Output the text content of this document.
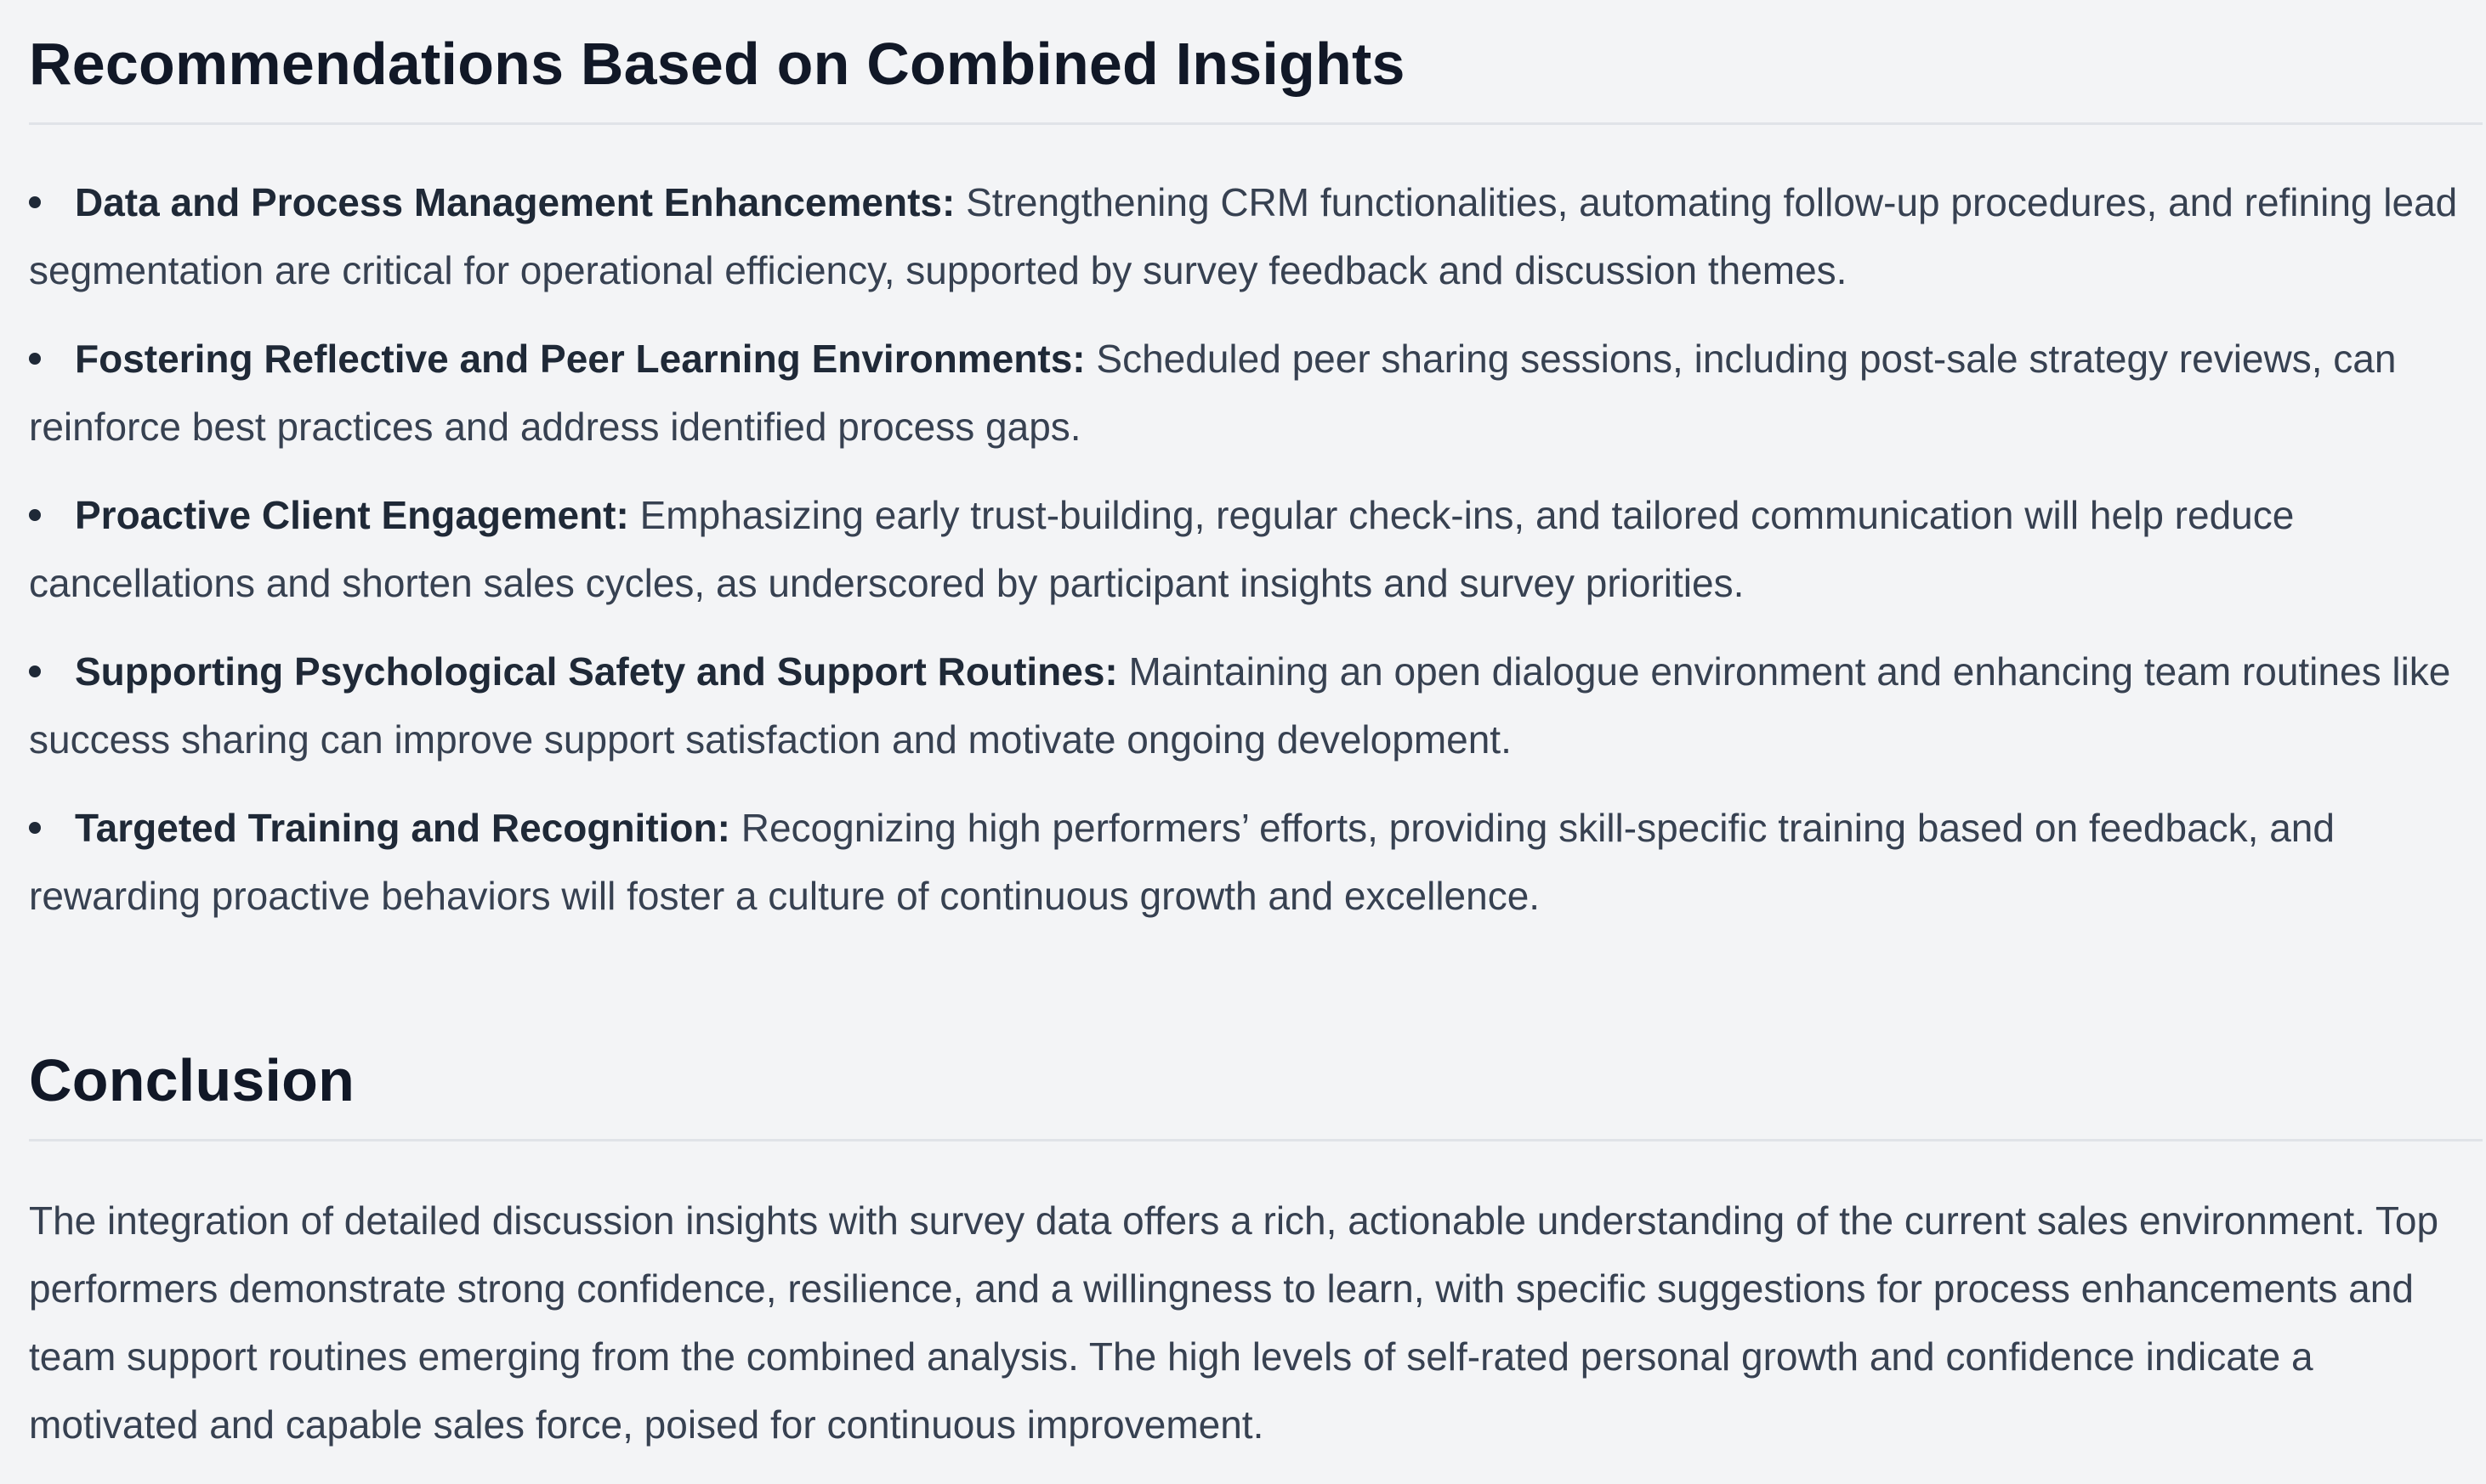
Recommendations Based on Combined Insights
Data and Process Management Enhancements: Strengthening CRM functionalities, automating follow-up procedures, and refining lead segmentation are critical for operational efficiency, supported by survey feedback and discussion themes.
Fostering Reflective and Peer Learning Environments: Scheduled peer sharing sessions, including post-sale strategy reviews, can reinforce best practices and address identified process gaps.
Proactive Client Engagement: Emphasizing early trust-building, regular check-ins, and tailored communication will help reduce cancellations and shorten sales cycles, as underscored by participant insights and survey priorities.
Supporting Psychological Safety and Support Routines: Maintaining an open dialogue environment and enhancing team routines like success sharing can improve support satisfaction and motivate ongoing development.
Targeted Training and Recognition: Recognizing high performers’ efforts, providing skill-specific training based on feedback, and rewarding proactive behaviors will foster a culture of continuous growth and excellence.
Conclusion

The integration of detailed discussion insights with survey data offers a rich, actionable understanding of the current sales environment. Top performers demonstrate strong confidence, resilience, and a willingness to learn, with specific suggestions for process enhancements and team support routines emerging from the combined analysis. The high levels of self-rated personal growth and confidence indicate a motivated and capable sales force, poised for continuous improvement.
